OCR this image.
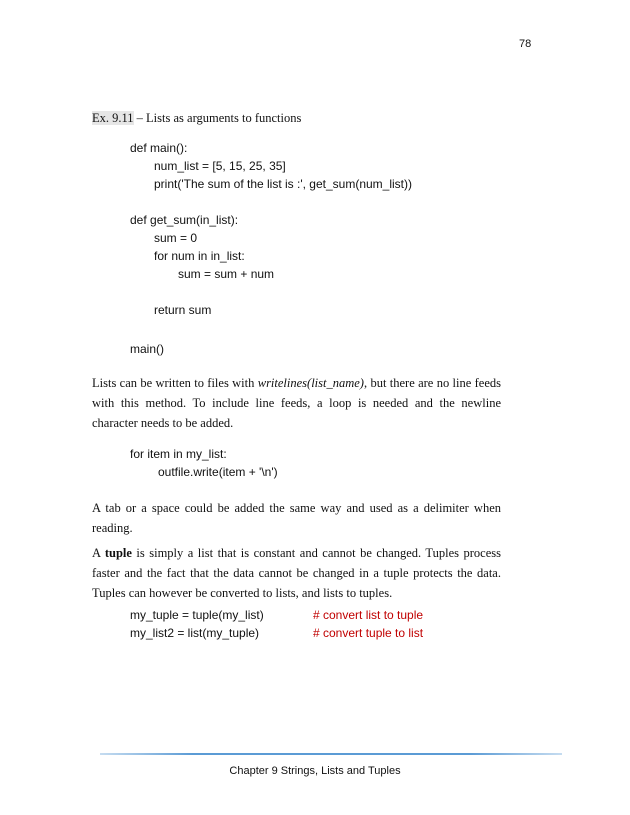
78
Ex. 9.11 – Lists as arguments to functions
def main():
num_list = [5, 15, 25, 35]
print('The sum of the list is :', get_sum(num_list))
def get_sum(in_list):
sum = 0
for num in in_list:
sum = sum + num
return sum
main()

Lists can be written to files with writelines(list_name), but there are no line feeds with this method. To include line feeds, a loop is needed and the newline character needs to be added.

for item in my_list:
outfile.write(item + '\n')

A tab or a space could be added the same way and used as a delimiter when reading.

A tuple is simply a list that is constant and cannot be changed. Tuples process faster and the fact that the data cannot be changed in a tuple protects the data. Tuples can however be converted to lists, and lists to tuples.

my_tuple = tuple(my_list)	# convert list to tuple
my_list2 = list(my_tuple)	# convert tuple to list
Chapter 9 Strings, Lists and Tuples
